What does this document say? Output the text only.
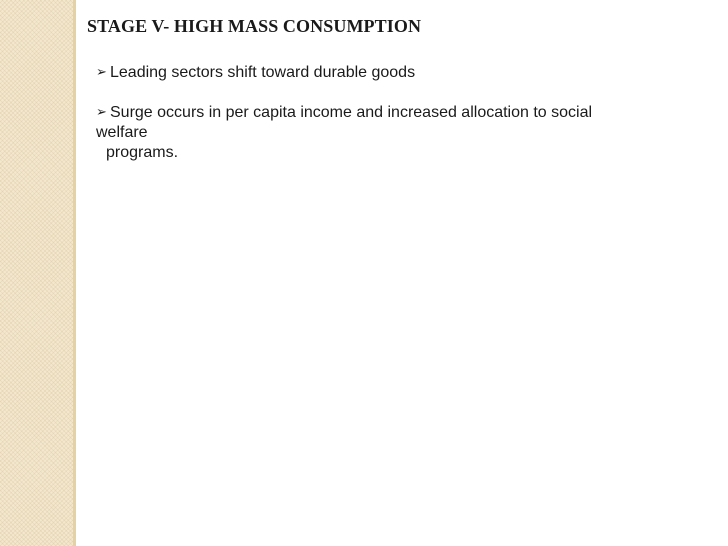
STAGE V- HIGH MASS CONSUMPTION
➢ Leading sectors shift toward durable goods
➢ Surge occurs in per capita income and increased allocation to social
welfare
programs.
